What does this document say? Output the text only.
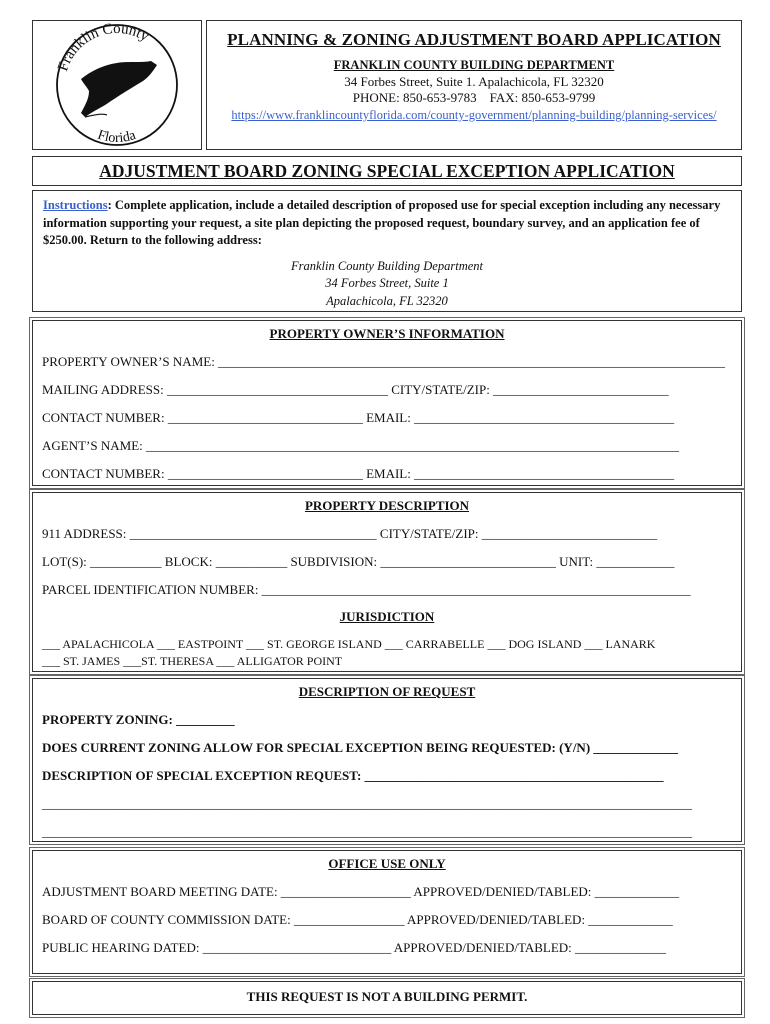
Franklin County
Florida
PLANNING & ZONING ADJUSTMENT BOARD APPLICATION
FRANKLIN COUNTY BUILDING DEPARTMENT
34 Forbes Street, Suite 1. Apalachicola, FL 32320
PHONE: 850-653-9783    FAX: 850-653-9799
https://www.franklincountyflorida.com/county-government/planning-building/planning-services/
ADJUSTMENT BOARD ZONING SPECIAL EXCEPTION APPLICATION
Instructions: Complete application, include a detailed description of proposed use for special exception including any necessary information supporting your request, a site plan depicting the proposed request, boundary survey, and an application fee of $250.00. Return to the following address:
Franklin County Building Department
34 Forbes Street, Suite 1
Apalachicola, FL 32320
PROPERTY OWNER’S INFORMATION
PROPERTY OWNER’S NAME: ______________________________________________________________________________
MAILING ADDRESS: __________________________________ CITY/STATE/ZIP: ___________________________
CONTACT NUMBER: ______________________________ EMAIL: ________________________________________
AGENT’S NAME: __________________________________________________________________________________
CONTACT NUMBER: ______________________________ EMAIL: ________________________________________
PROPERTY DESCRIPTION
911 ADDRESS: ______________________________________ CITY/STATE/ZIP: ___________________________
LOT(S): ___________ BLOCK: ___________ SUBDIVISION: ___________________________ UNIT: ____________
PARCEL IDENTIFICATION NUMBER: __________________________________________________________________
JURISDICTION
___ APALACHICOLA ___ EASTPOINT ___ ST. GEORGE ISLAND ___ CARRABELLE ___ DOG ISLAND ___ LANARK
___ ST. JAMES ___ST. THERESA ___ ALLIGATOR POINT
DESCRIPTION OF REQUEST
PROPERTY ZONING: _________
DOES CURRENT ZONING ALLOW FOR SPECIAL EXCEPTION BEING REQUESTED: (Y/N) _____________
DESCRIPTION OF SPECIAL EXCEPTION REQUEST: ______________________________________________
____________________________________________________________________________________________________
____________________________________________________________________________________________________
OFFICE USE ONLY
ADJUSTMENT BOARD MEETING DATE: ____________________ APPROVED/DENIED/TABLED: _____________
BOARD OF COUNTY COMMISSION DATE: _________________ APPROVED/DENIED/TABLED: _____________
PUBLIC HEARING DATED: _____________________________ APPROVED/DENIED/TABLED: ______________
THIS REQUEST IS NOT A BUILDING PERMIT.
